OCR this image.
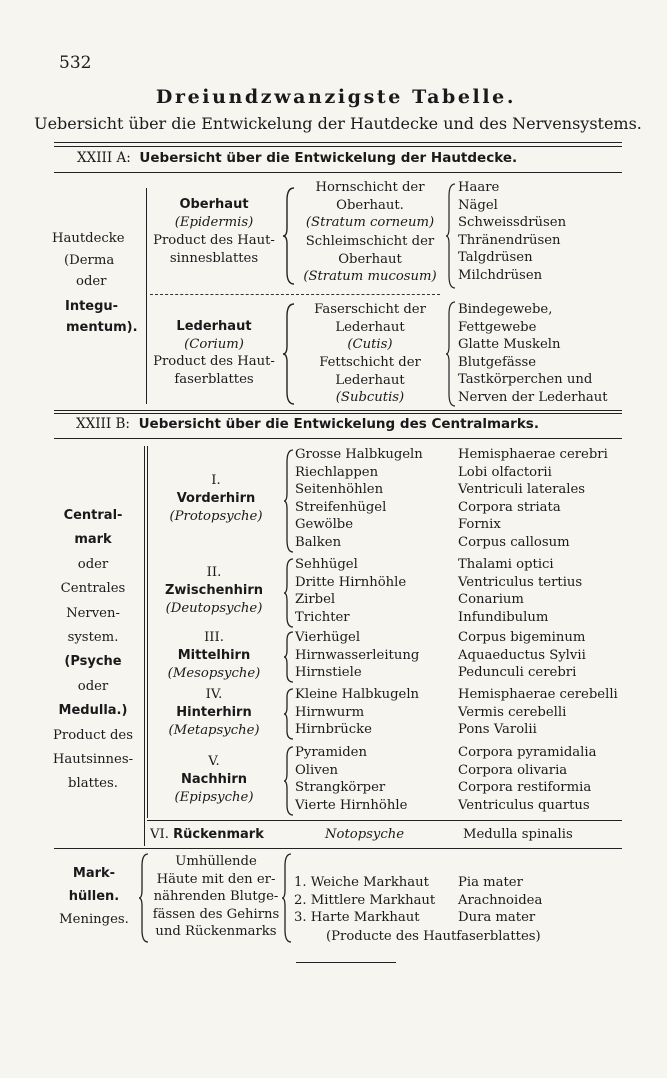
532
Dreiundzwanzigste Tabelle.
Uebersicht über die Entwickelung der Hautdecke und des Nervensystems.
XXIII A: Uebersicht über die Entwickelung der Hautdecke.
Hautdecke
(Derma
oder
Integu-
mentum).
Oberhaut
(Epidermis)
Product des Haut-
sinnesblattes
Lederhaut
(Corium)
Product des Haut-
faserblattes
Hornschicht der
Oberhaut.
(Stratum corneum)
Schleimschicht der
Oberhaut
(Stratum mucosum)
Faserschicht der
Lederhaut
(Cutis)
Fettschicht der
Lederhaut
(Subcutis)
Haare
Nägel
Schweissdrüsen
Thränendrüsen
Talgdrüsen
Milchdrüsen
Bindegewebe,
Fettgewebe
Glatte Muskeln
Blutgefässe
Tastkörperchen und
Nerven der Lederhaut
XXIII B: Uebersicht über die Entwickelung des Centralmarks.
Central-
mark
oder
Centrales
Nerven-
system.
(Psyche
oder
Medulla.)
Product des
Hautsinnes-
blattes.
I.
Vorderhirn
(Protopsyche)
Grosse Halbkugeln
Riechlappen
Seitenhöhlen
Streifenhügel
Gewölbe
Balken
Hemisphaerae cerebri
Lobi olfactorii
Ventriculi laterales
Corpora striata
Fornix
Corpus callosum
II.
Zwischenhirn
(Deutopsyche)
Sehhügel
Dritte Hirnhöhle
Zirbel
Trichter
Thalami optici
Ventriculus tertius
Conarium
Infundibulum
III.
Mittelhirn
(Mesopsyche)
Vierhügel
Hirnwasserleitung
Hirnstiele
Corpus bigeminum
Aquaeductus Sylvii
Pedunculi cerebri
IV.
Hinterhirn
(Metapsyche)
Kleine Halbkugeln
Hirnwurm
Hirnbrücke
Hemisphaerae cerebelli
Vermis cerebelli
Pons Varolii
V.
Nachhirn
(Epipsyche)
Pyramiden
Oliven
Strangkörper
Vierte Hirnhöhle
Corpora pyramidalia
Corpora olivaria
Corpora restiformia
Ventriculus quartus
VI. Rückenmark	Notopsyche	Medulla spinalis
Mark-
hüllen.
Meninges.
Umhüllende
Häute mit den er-
nährenden Blutge-
fässen des Gehirns
und Rückenmarks
1. Weiche Markhaut
2. Mittlere Markhaut
3. Harte Markhaut
Pia mater
Arachnoidea
Dura mater
(Producte des Hautfaserblattes)
